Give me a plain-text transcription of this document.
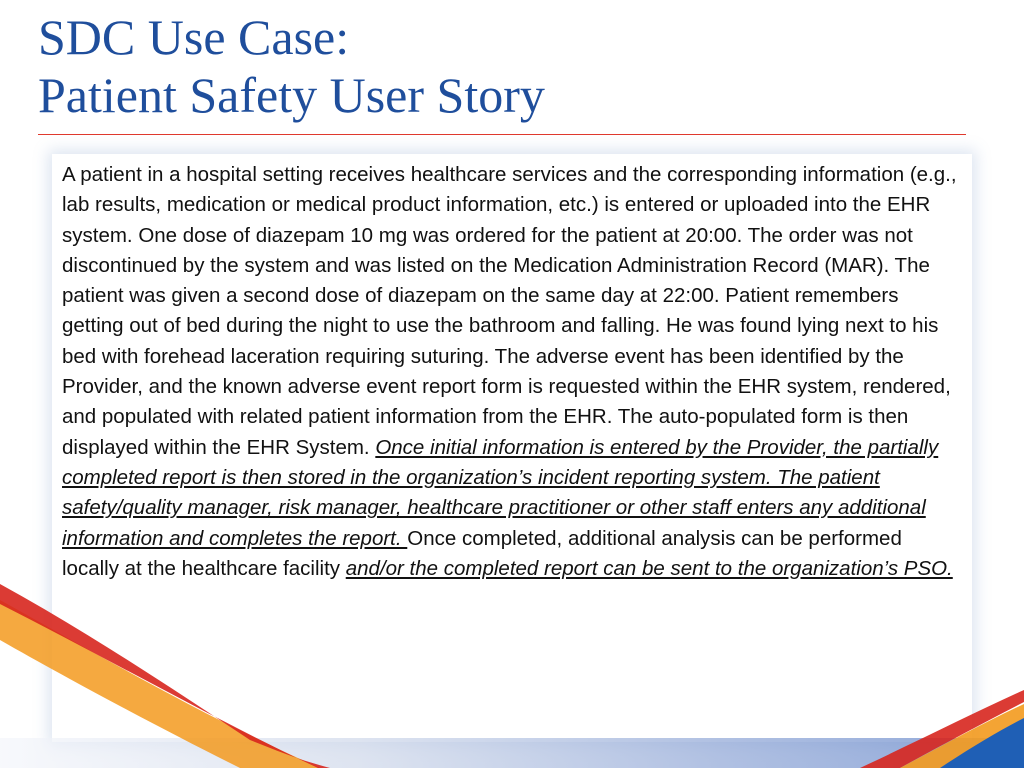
SDC Use Case:
Patient Safety User Story

A patient in a hospital setting receives healthcare services and the corresponding information (e.g., lab results, medication or medical product information, etc.) is entered or uploaded into the EHR system. One dose of diazepam 10 mg was ordered for the patient at 20:00. The order was not discontinued by the system and was listed on the Medication Administration Record (MAR). The patient was given a second dose of diazepam on the same day at 22:00. Patient remembers getting out of bed during the night to use the bathroom and falling. He was found lying next to his bed with forehead laceration requiring suturing. The adverse event has been identified by the Provider, and the known adverse event report form is requested within the EHR system, rendered, and populated with related patient information from the EHR. The auto-populated form is then displayed within the EHR System. Once initial information is entered by the Provider, the partially completed report is then stored in the organization’s incident reporting system. The patient safety/quality manager, risk manager, healthcare practitioner or other staff enters any additional information and completes the report. Once completed, additional analysis can be performed locally at the healthcare facility and/or the completed report can be sent to the organization’s PSO.
